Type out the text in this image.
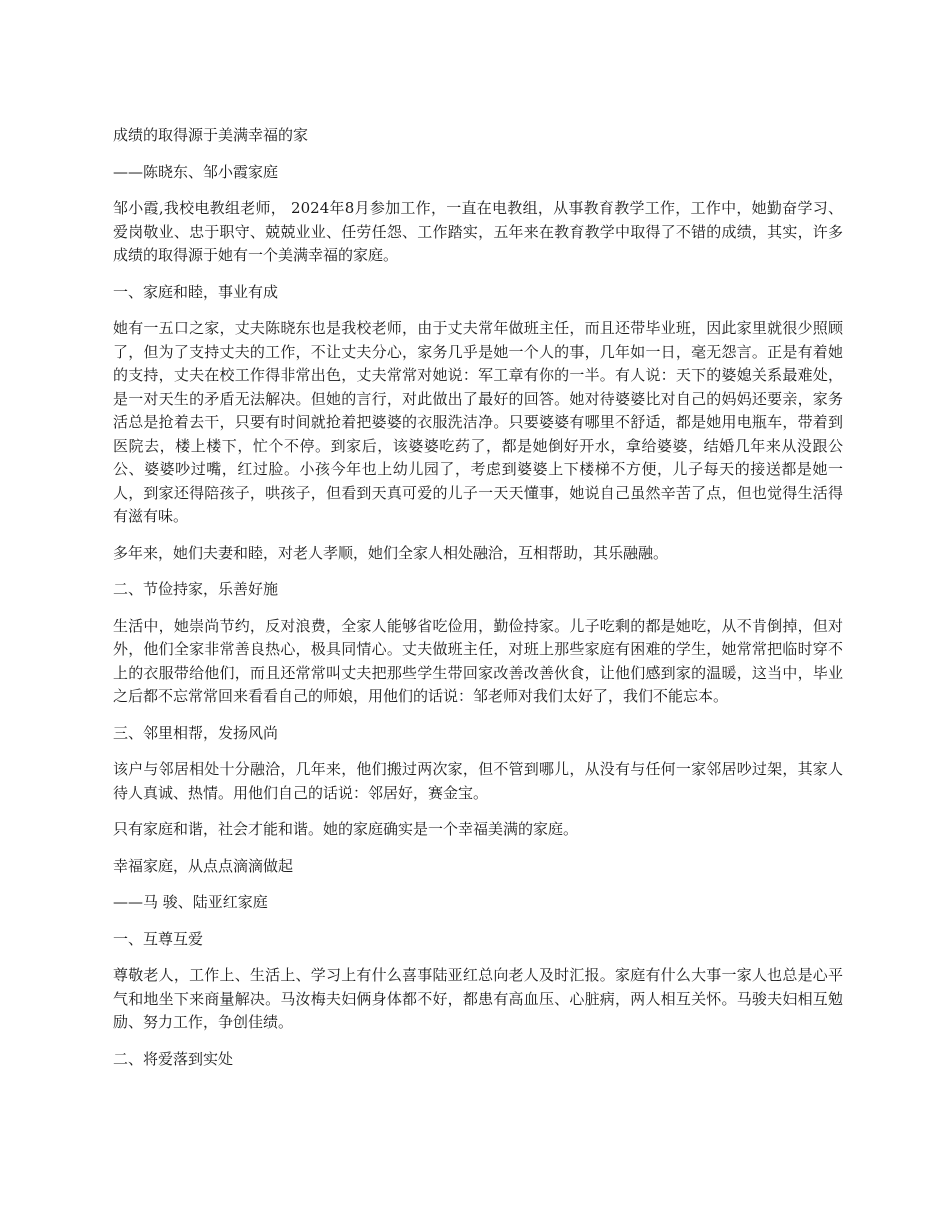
成绩的取得源于美满幸福的家

——陈晓东、邹小霞家庭

邹小霞,我校电教组老师， 2024年8月参加工作，一直在电教组，从事教育教学工作，工作中，她勤奋学习、爱岗敬业、忠于职守、兢兢业业、任劳任怨、工作踏实，五年来在教育教学中取得了不错的成绩，其实，许多成绩的取得源于她有一个美满幸福的家庭。

一、家庭和睦，事业有成

她有一五口之家，丈夫陈晓东也是我校老师，由于丈夫常年做班主任，而且还带毕业班，因此家里就很少照顾了，但为了支持丈夫的工作，不让丈夫分心，家务几乎是她一个人的事，几年如一日，毫无怨言。正是有着她的支持，丈夫在校工作得非常出色，丈夫常常对她说：军工章有你的一半。有人说：天下的婆媳关系最难处，是一对天生的矛盾无法解决。但她的言行，对此做出了最好的回答。她对待婆婆比对自己的妈妈还要亲，家务活总是抢着去干，只要有时间就抢着把婆婆的衣服洗洁净。只要婆婆有哪里不舒适，都是她用电瓶车，带着到医院去，楼上楼下，忙个不停。到家后，该婆婆吃药了，都是她倒好开水，拿给婆婆，结婚几年来从没跟公公、婆婆吵过嘴，红过脸。小孩今年也上幼儿园了，考虑到婆婆上下楼梯不方便，儿子每天的接送都是她一人，到家还得陪孩子，哄孩子，但看到天真可爱的儿子一天天懂事，她说自己虽然辛苦了点，但也觉得生活得有滋有味。

多年来，她们夫妻和睦，对老人孝顺，她们全家人相处融洽，互相帮助，其乐融融。

二、节俭持家，乐善好施

生活中，她崇尚节约，反对浪费，全家人能够省吃俭用，勤俭持家。儿子吃剩的都是她吃，从不肯倒掉，但对外，他们全家非常善良热心，极具同情心。丈夫做班主任，对班上那些家庭有困难的学生，她常常把临时穿不上的衣服带给他们，而且还常常叫丈夫把那些学生带回家改善改善伙食，让他们感到家的温暖，这当中，毕业之后都不忘常常回来看看自己的师娘，用他们的话说：邹老师对我们太好了，我们不能忘本。

三、邻里相帮，发扬风尚

该户与邻居相处十分融洽，几年来，他们搬过两次家，但不管到哪儿，从没有与任何一家邻居吵过架，其家人待人真诚、热情。用他们自己的话说：邻居好，赛金宝。

只有家庭和谐，社会才能和谐。她的家庭确实是一个幸福美满的家庭。

幸福家庭，从点点滴滴做起

——马 骏、陆亚红家庭

一、互尊互爱

尊敬老人，工作上、生活上、学习上有什么喜事陆亚红总向老人及时汇报。家庭有什么大事一家人也总是心平气和地坐下来商量解决。马汝梅夫妇俩身体都不好，都患有高血压、心脏病，两人相互关怀。马骏夫妇相互勉励、努力工作，争创佳绩。

二、将爱落到实处
